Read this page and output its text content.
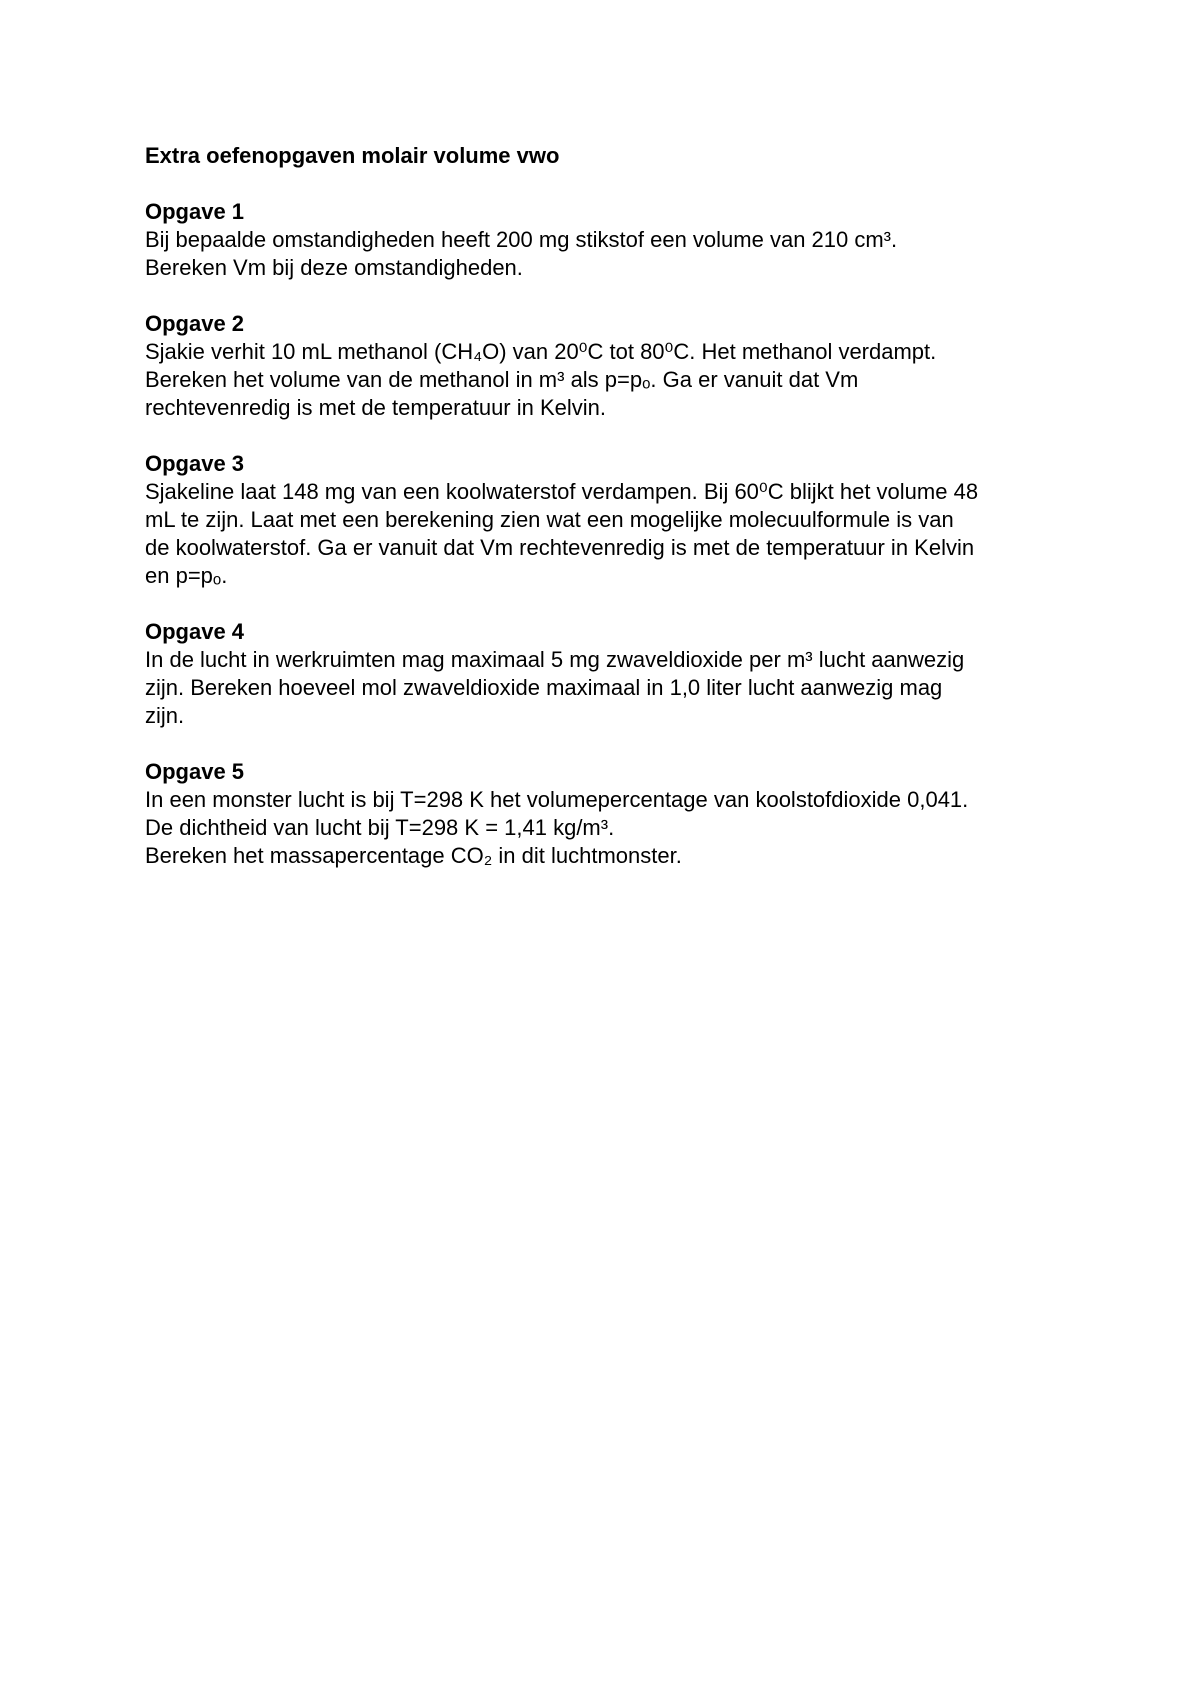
Extra oefenopgaven molair volume vwo

Opgave 1

Bij bepaalde omstandigheden heeft 200 mg stikstof een volume van 210 cm³.

Bereken Vm bij deze omstandigheden.

Opgave 2

Sjakie verhit 10 mL methanol (CH₄O) van 20⁰C tot 80⁰C. Het methanol verdampt.

Bereken het volume van de methanol in m³ als p=pₒ. Ga er vanuit dat Vm

rechtevenredig is met de temperatuur in Kelvin.

Opgave 3

Sjakeline laat 148 mg van een koolwaterstof verdampen. Bij 60⁰C blijkt het volume 48

mL te zijn. Laat met een berekening zien wat een mogelijke molecuulformule is van

de koolwaterstof. Ga er vanuit dat Vm rechtevenredig is met de temperatuur in Kelvin

en p=pₒ.

Opgave 4

In de lucht in werkruimten mag maximaal 5 mg zwaveldioxide per m³ lucht aanwezig

zijn. Bereken hoeveel mol zwaveldioxide maximaal in 1,0 liter lucht aanwezig mag

zijn.

Opgave 5

In een monster lucht is bij T=298 K het volumepercentage van koolstofdioxide 0,041.

De dichtheid van lucht bij T=298 K = 1,41 kg/m³.

Bereken het massapercentage CO₂ in dit luchtmonster.
